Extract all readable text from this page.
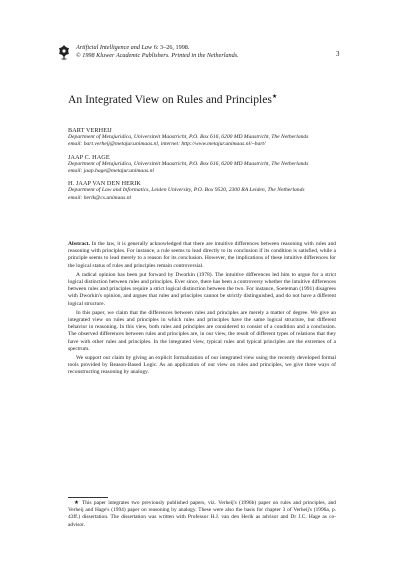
Artificial Intelligence and Law 6: 3–26, 1998.
© 1998 Kluwer Academic Publishers. Printed in the Netherlands.	3
An Integrated View on Rules and Principles★
BART VERHEIJ
Department of Metajuridica, Universiteit Maastricht, P.O. Box 616, 6200 MD Maastricht, The Netherlands
email: bart.verheij@metajur.unimaas.nl, internet: http://www.metajur.unimaas.nl/~bart/
JAAP C. HAGE
Department of Metajuridica, Universiteit Maastricht, P.O. Box 616, 6200 MD Maastricht, The Netherlands
email: jaap.hage@metajur.unimaas.nl
H. JAAP VAN DEN HERIK
Department of Law and Informatics, Leiden University, P.O. Box 9520, 2300 RA Leiden, The Netherlands
email: herik@cs.unimaas.nl

Abstract. In the law, it is generally acknowledged that there are intuitive differences between reasoning with rules and reasoning with principles. For instance, a rule seems to lead directly to its conclusion if its condition is satisfied, while a principle seems to lead merely to a reason for its conclusion. However, the implications of these intuitive differences for the logical status of rules and principles remain controversial.

A radical opinion has been put forward by Dworkin (1978). The intuitive differences led him to argue for a strict logical distinction between rules and principles. Ever since, there has been a controversy whether the intuitive differences between rules and principles require a strict logical distinction between the two. For instance, Soeteman (1991) disagrees with Dworkin's opinion, and argues that rules and principles cannot be strictly distinguished, and do not have a different logical structure.

In this paper, we claim that the differences between rules and principles are merely a matter of degree. We give an integrated view on rules and principles in which rules and principles have the same logical structure, but different behavior in reasoning. In this view, both rules and principles are considered to consist of a condition and a conclusion. The observed differences between rules and principles are, in our view, the result of different types of relations that they have with other rules and principles. In the integrated view, typical rules and typical principles are the extremes of a spectrum.

We support our claim by giving an explicit formalization of our integrated view using the recently developed formal tools provided by Reason-Based Logic. As an application of our view on rules and principles, we give three ways of reconstructing reasoning by analogy.

★ This paper integrates two previously published papers, viz. Verheij's (1996b) paper on rules and principles, and Verheij and Hage's (1994) paper on reasoning by analogy. These were also the basis for chapter 3 of Verheij's (1996a, p. 43ff.) dissertation. The dissertation was written with Professor H.J. van den Herik as advisor and Dr J.C. Hage as co-advisor.
